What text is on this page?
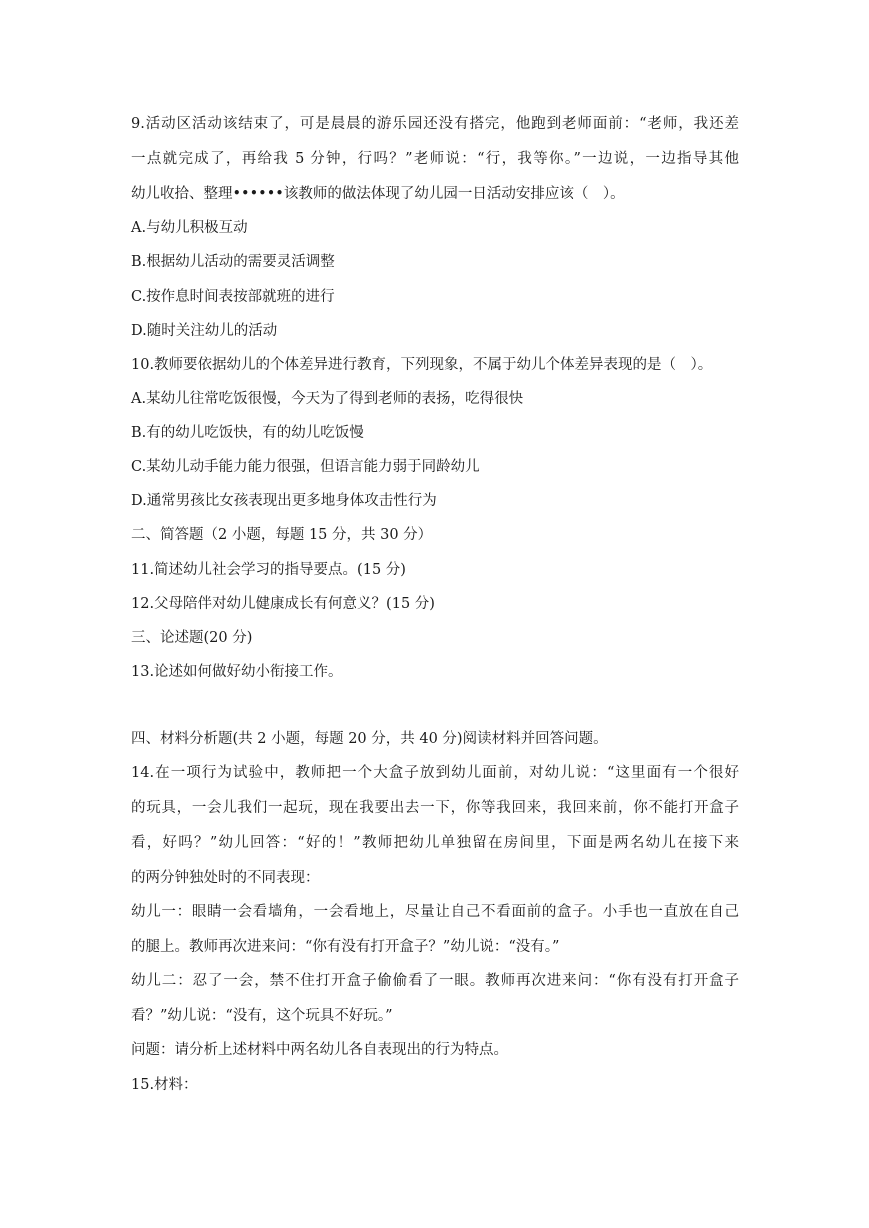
9.活动区活动该结束了，可是晨晨的游乐园还没有搭完，他跑到老师面前：“老师，我还差
一点就完成了，再给我 5 分钟，行吗？”老师说：“行，我等你。”一边说，一边指导其他
幼儿收拾、整理••••••该教师的做法体现了幼儿园一日活动安排应该（　）。
A.与幼儿积极互动
B.根据幼儿活动的需要灵活调整
C.按作息时间表按部就班的进行
D.随时关注幼儿的活动
10.教师要依据幼儿的个体差异进行教育，下列现象，不属于幼儿个体差异表现的是（　）。
A.某幼儿往常吃饭很慢，今天为了得到老师的表扬，吃得很快
B.有的幼儿吃饭快，有的幼儿吃饭慢
C.某幼儿动手能力能力很强，但语言能力弱于同龄幼儿
D.通常男孩比女孩表现出更多地身体攻击性行为
二、简答题（2 小题，每题 15 分，共 30 分）
11.简述幼儿社会学习的指导要点。(15 分)
12.父母陪伴对幼儿健康成长有何意义？(15 分)
三、论述题(20 分)
13.论述如何做好幼小衔接工作。
四、材料分析题(共 2 小题，每题 20 分，共 40 分)阅读材料并回答问题。
14.在一项行为试验中，教师把一个大盒子放到幼儿面前，对幼儿说：“这里面有一个很好
的玩具，一会儿我们一起玩，现在我要出去一下，你等我回来，我回来前，你不能打开盒子
看，好吗？”幼儿回答：“好的！”教师把幼儿单独留在房间里，下面是两名幼儿在接下来
的两分钟独处时的不同表现：
幼儿一：眼睛一会看墙角，一会看地上，尽量让自己不看面前的盒子。小手也一直放在自己
的腿上。教师再次进来问：“你有没有打开盒子？”幼儿说：“没有。”
幼儿二：忍了一会，禁不住打开盒子偷偷看了一眼。教师再次进来问：“你有没有打开盒子
看？”幼儿说：“没有，这个玩具不好玩。”
问题：请分析上述材料中两名幼儿各自表现出的行为特点。
15.材料：
